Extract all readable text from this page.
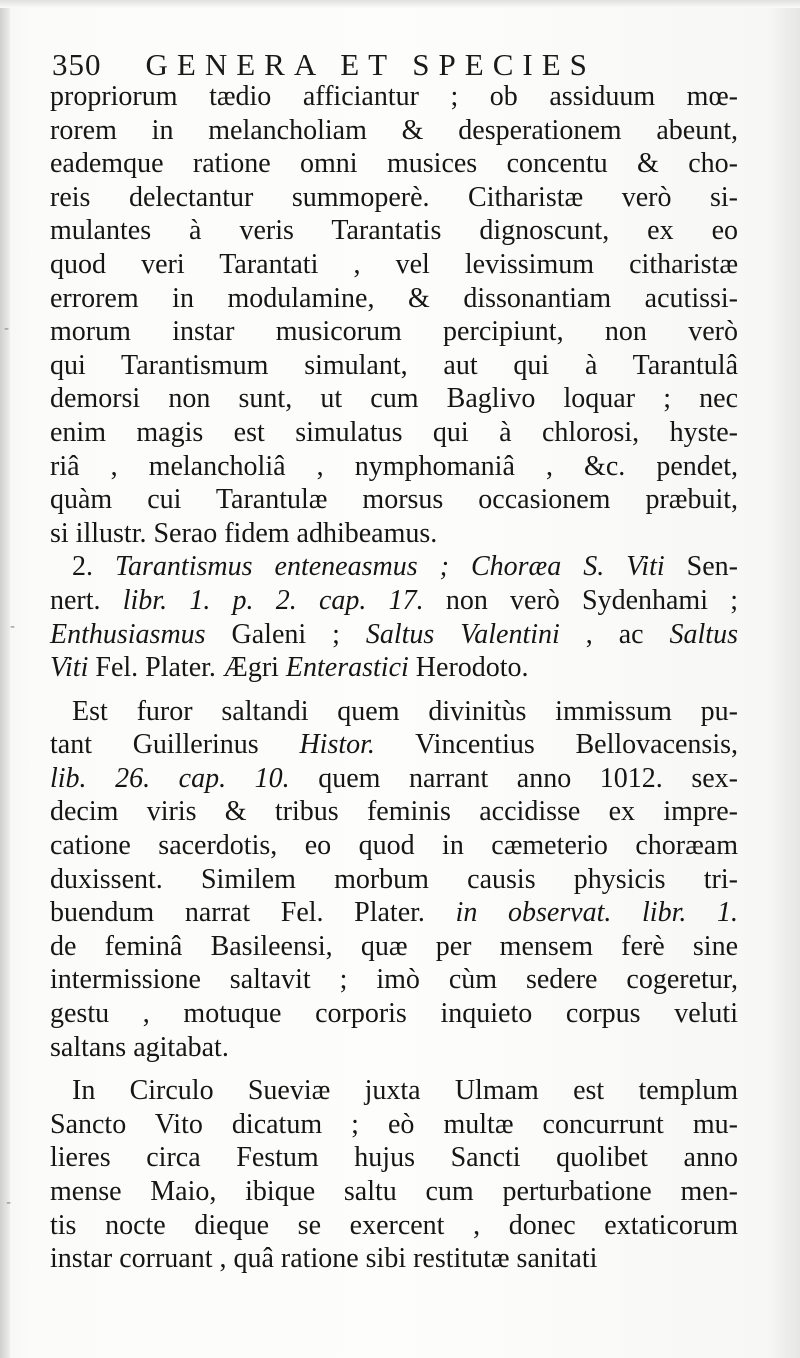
350 GENERA ET SPECIES
propriorum tædio afficiantur ; ob assiduum mœ-
rorem in melancholiam & desperationem abeunt,
eademque ratione omni musices concentu & cho-
reis delectantur summoperè. Citharistæ verò si-
mulantes à veris Tarantatis dignoscunt, ex eo
quod veri Tarantati , vel levissimum citharistæ
errorem in modulamine, & dissonantiam acutissi-
morum instar musicorum percipiunt, non verò
qui Tarantismum simulant, aut qui à Tarantulâ
demorsi non sunt, ut cum Baglivo loquar ; nec
enim magis est simulatus qui à chlorosi, hyste-
riâ , melancholiâ , nymphomaniâ , &c. pendet,
quàm cui Tarantulæ morsus occasionem præbuit,
si illustr. Serao fidem adhibeamus.
2. Tarantismus enteneasmus ; Choræa S. Viti Sen-
nert. libr. 1. p. 2. cap. 17. non verò Sydenhami ;
Enthusiasmus Galeni ; Saltus Valentini , ac Saltus
Viti Fel. Plater. Ægri Enterastici Herodoto.
Est furor saltandi quem divinitùs immissum pu-
tant Guillerinus Histor. Vincentius Bellovacensis,
lib. 26. cap. 10. quem narrant anno 1012. sex-
decim viris & tribus feminis accidisse ex impre-
catione sacerdotis, eo quod in cæmeterio choræam
duxissent. Similem morbum causis physicis tri-
buendum narrat Fel. Plater. in observat. libr. 1.
de feminâ Basileensi, quæ per mensem ferè sine
intermissione saltavit ; imò cùm sedere cogeretur,
gestu , motuque corporis inquieto corpus veluti
saltans agitabat.
In Circulo Sueviæ juxta Ulmam est templum
Sancto Vito dicatum ; eò multæ concurrunt mu-
lieres circa Festum hujus Sancti quolibet anno
mense Maio, ibique saltu cum perturbatione men-
tis nocte dieque se exercent , donec extaticorum
instar corruant , quâ ratione sibi restitutæ sanitati
-
-
-
